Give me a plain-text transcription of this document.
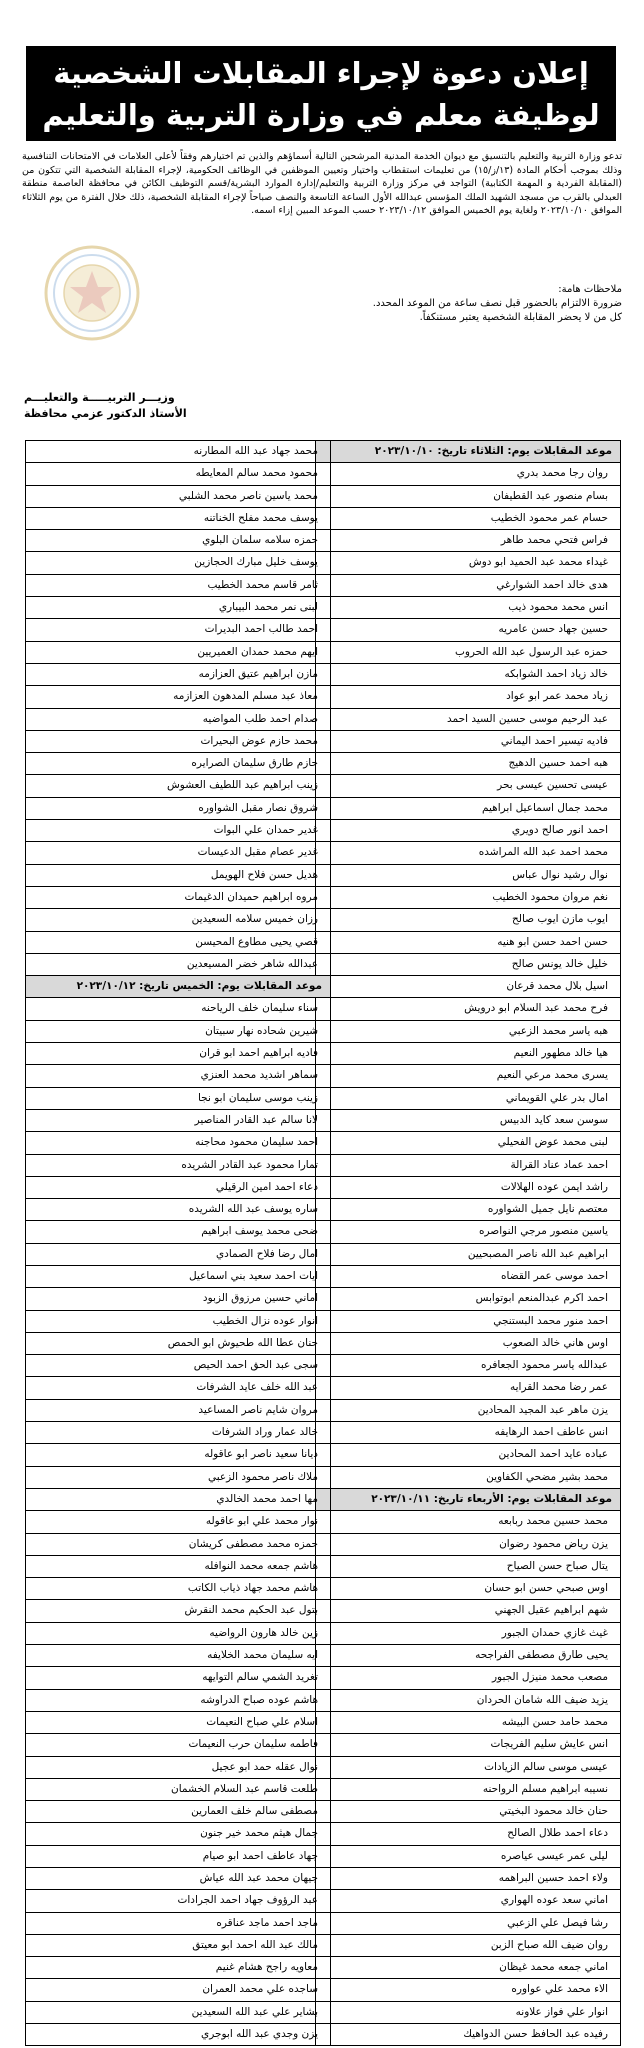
إعلان دعوة لإجراء المقابلات الشخصية
لوظيفة معلم في وزارة التربية والتعليم

تدعو وزارة التربية والتعليم بالتنسيق مع ديوان الخدمة المدنية المرشحين التالية أسماؤهم والذين تم اختيارهم وفقاً لأعلى العلامات في الامتحانات التنافسية وذلك بموجب أحكام المادة (١٣/ز/١٥) من تعليمات استقطاب واختيار وتعيين الموظفين في الوظائف الحكومية، لإجراء المقابلة الشخصية التي تتكون من (المقابلة الفردية و المهمة الكتابية) التواجد في مركز وزارة التربية والتعليم/إدارة الموارد البشرية/قسم التوظيف الكائن في محافظة العاصمة منطقة العبدلي بالقرب من مسجد الشهيد الملك المؤسس عبدالله الأول الساعة التاسعة والنصف صباحاً لإجراء المقابلة الشخصية، ذلك خلال الفترة من يوم الثلاثاء الموافق ٢٠٢٣/١٠/١٠ ولغاية يوم الخميس الموافق ٢٠٢٣/١٠/١٢ حسب الموعد المبين إزاء اسمه.

ملاحظات هامة:
ضرورة الالتزام بالحضور قبل نصف ساعة من الموعد المحدد.
كل من لا يحضر المقابلة الشخصية يعتبر مستنكفاً.
وزيـــر التربيـــــة والتعليـــم
الأستاذ الدكتور عزمي محافظة
موعد المقابلات يوم: الثلاثاء تاريخ: ٢٠٢٣/١٠/١٠
روان رجا محمد بدري
بسام منصور عبد القطيفان
حسام عمر محمود الخطيب
فراس فتحي محمد طاهر
غيداء محمد عبد الحميد ابو دوش
هدى خالد احمد الشوارغي
انس محمد محمود ذيب
حسين جهاد حسن عامريه
حمزه عبد الرسول عبد الله الحروب
خالد زياد احمد الشوابكه
زياد محمد عمر ابو عواد
عبد الرحيم موسى حسين السيد احمد
فاديه تيسير احمد اليماني
هبه احمد حسين الدهيج
عيسى تحسين عيسى بحر
محمد جمال اسماعيل ابراهيم
احمد انور صالح دويري
محمد احمد عبد الله المراشده
نوال رشيد نوال عباس
نغم مروان محمود الخطيب
ايوب مازن ايوب صالح
حسن احمد حسن ابو هنيه
خليل خالد يونس صالح
اسيل بلال محمد قرعان
فرح محمد عبد السلام ابو درويش
هبه ياسر محمد الزعبي
هيا خالد مطهور النعيم
يسرى محمد مرعي النعيم
امال بدر علي القويماني
سوسن سعد كايد الدبيس
لبنى محمد عوض الفحيلي
احمد عماد عناد القرالة
راشد ايمن عوده الهلالات
معتصم نايل جميل الشواوره
ياسين منصور مرجي النواصره
ابراهيم عبد الله ناصر المصبحيين
احمد موسى عمر القضاه
احمد اكرم عبدالمنعم ابوتوابس
احمد منور محمد البستنجي
اوس هاني خالد الصعوب
عبدالله ياسر محمود الجعافره
عمر رضا محمد القرايه
يزن ماهر عبد المجيد المحادين
انس عاطف احمد الرهايفه
عباده عايد احمد المحادين
محمد بشير مضحي الكفاوين
موعد المقابلات يوم: الأربعاء تاريخ: ٢٠٢٣/١٠/١١
محمد حسين محمد ربابعه
يزن رياض محمود رضوان
يتال صباح حسن الصياح
اوس صبحي حسن ابو حسان
شهم ابراهيم عقيل الجهني
غيث غازي حمدان الجبور
يحيى طارق مصطفى الفراجحه
مصعب محمد منيزل الجبور
يزيد ضيف الله شامان الحردان
محمد حامد حسن البيشه
انس عايش سليم الفريجات
عيسى موسى سالم الزيادات
نسيبه ابراهيم مسلم الرواحنه
حنان خالد محمود البخيتي
دعاء احمد طلال الصالح
ليلى عمر عيسى عياصره
ولاء احمد حسين البراهمه
اماني سعد عوده الهواري
رشا فيصل علي الزعبي
روان ضيف الله صباح الزبن
اماني جمعه محمد غيظان
الاء محمد علي عواوره
انوار علي فواز علاونه
رفيده عبد الحافظ حسن الدواهيك
محمد جهاد عبد الله المطارنه
محمود محمد سالم المعايطه
محمد ياسين ناصر محمد الشلبي
يوسف محمد مفلح الخناتنه
حمزه سلامه سلمان البلوي
يوسف خليل مبارك الحجازين
ثامر قاسم محمد الخطيب
لبنى نمر محمد البيباري
احمد طالب احمد البديرات
ايهم محمد حمدان العميريين
مازن ابراهيم عتيق العزازمه
معاذ عبد مسلم المدهون العزازمه
صدام احمد طلب المواضيه
محمد حازم عوض البحيرات
حازم طارق سليمان الصرايره
زينب ابراهيم عبد اللطيف العشوش
شروق نصار مقبل الشواوره
غدير حمدان علي البوات
غدير عصام مقبل الدعيسات
هديل حسن فلاح الهويمل
مروه ابراهيم حميدان الدغيمات
رزان خميس سلامه السعيدين
قصي يحيى مطاوع المحيسن
عبدالله شاهر خضر المسيعدين
موعد المقابلات يوم: الخميس تاريخ: ٢٠٢٣/١٠/١٢
سناء سليمان خلف الرياحنه
شيرين شحاده نهار سبيتان
فاديه ابراهيم احمد ابو قران
سماهر اشديد محمد العنزي
زينب موسى سليمان ابو نجا
لانا سالم عبد القادر المناصير
احمد سليمان محمود محاجنه
تمارا محمود عبد القادر الشريده
دعاء احمد امين الرقيلي
ساره يوسف عبد الله الشريده
ضحى محمد يوسف ابراهيم
امال رضا فلاح الصمادي
ايات احمد سعيد بني اسماعيل
اماني حسين مرزوق الزبود
انوار عوده نزال الخطيب
حنان عطا الله طحيوش ابو الحمص
سجى عبد الحق احمد الحيص
عبد الله خلف عايد الشرفات
مروان شايم ناصر المساعيد
خالد عمار وراد الشرفات
ديانا سعيد ناصر ابو عاقوله
ملاك ناصر محمود الزعبي
مها احمد محمد الخالدي
نوار محمد علي ابو عاقوله
حمزه محمد مصطفى كريشان
هاشم جمعه محمد النوافله
هاشم محمد جهاد ذياب الكاتب
بتول عبد الحكيم محمد النقرش
زين خالد هارون الرواضيه
ايه سليمان محمد الخلايفه
تغريد الشمي سالم التوايهه
هاشم عوده صباح الدراوشه
اسلام علي صباح النعيمات
فاطمه سليمان حرب النعيمات
نوال عقله حمد ابو عجيل
طلعت قاسم عبد السلام الخشمان
مصطفى سالم خلف العمارين
جمال هيثم محمد خير جنون
جهاد عاطف احمد ابو صيام
جيهان محمد عبد الله عياش
عبد الرؤوف جهاد احمد الجرادات
ماجد احمد ماجد عناقره
مالك عبد الله احمد ابو معيتق
معاويه راجح هشام غنيم
ساجده علي محمد العمران
بشاير علي عبد الله السعيدين
يزن وجدي عبد الله ابوجري
